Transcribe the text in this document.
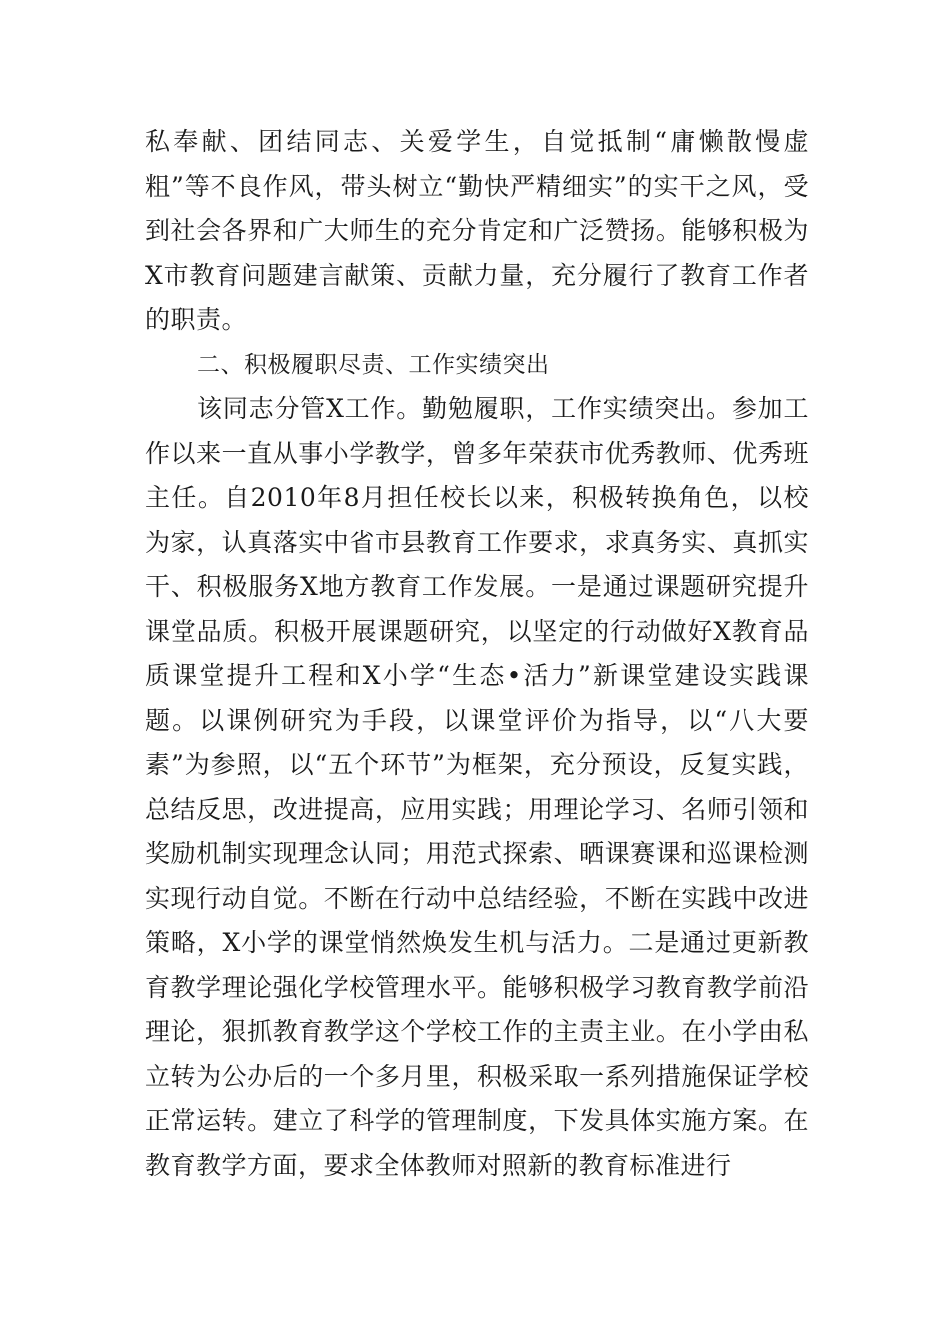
私奉献、团结同志、关爱学生，自觉抵制“庸懒散慢虚粗”等不良作风，带头树立“勤快严精细实”的实干之风，受到社会各界和广大师生的充分肯定和广泛赞扬。能够积极为X市教育问题建言献策、贡献力量，充分履行了教育工作者的职责。

二、积极履职尽责、工作实绩突出

该同志分管X工作。勤勉履职，工作实绩突出。参加工作以来一直从事小学教学，曾多年荣获市优秀教师、优秀班主任。自2010年8月担任校长以来，积极转换角色，以校为家，认真落实中省市县教育工作要求，求真务实、真抓实干、积极服务X地方教育工作发展。一是通过课题研究提升课堂品质。积极开展课题研究，以坚定的行动做好X教育品质课堂提升工程和X小学“生态•活力”新课堂建设实践课题。以课例研究为手段，以课堂评价为指导，以“八大要素”为参照，以“五个环节”为框架，充分预设，反复实践，总结反思，改进提高，应用实践；用理论学习、名师引领和奖励机制实现理念认同；用范式探索、晒课赛课和巡课检测实现行动自觉。不断在行动中总结经验，不断在实践中改进策略，X小学的课堂悄然焕发生机与活力。二是通过更新教育教学理论强化学校管理水平。能够积极学习教育教学前沿理论，狠抓教育教学这个学校工作的主责主业。在小学由私立转为公办后的一个多月里，积极采取一系列措施保证学校正常运转。建立了科学的管理制度，下发具体实施方案。在教育教学方面，要求全体教师对照新的教育标准进行
